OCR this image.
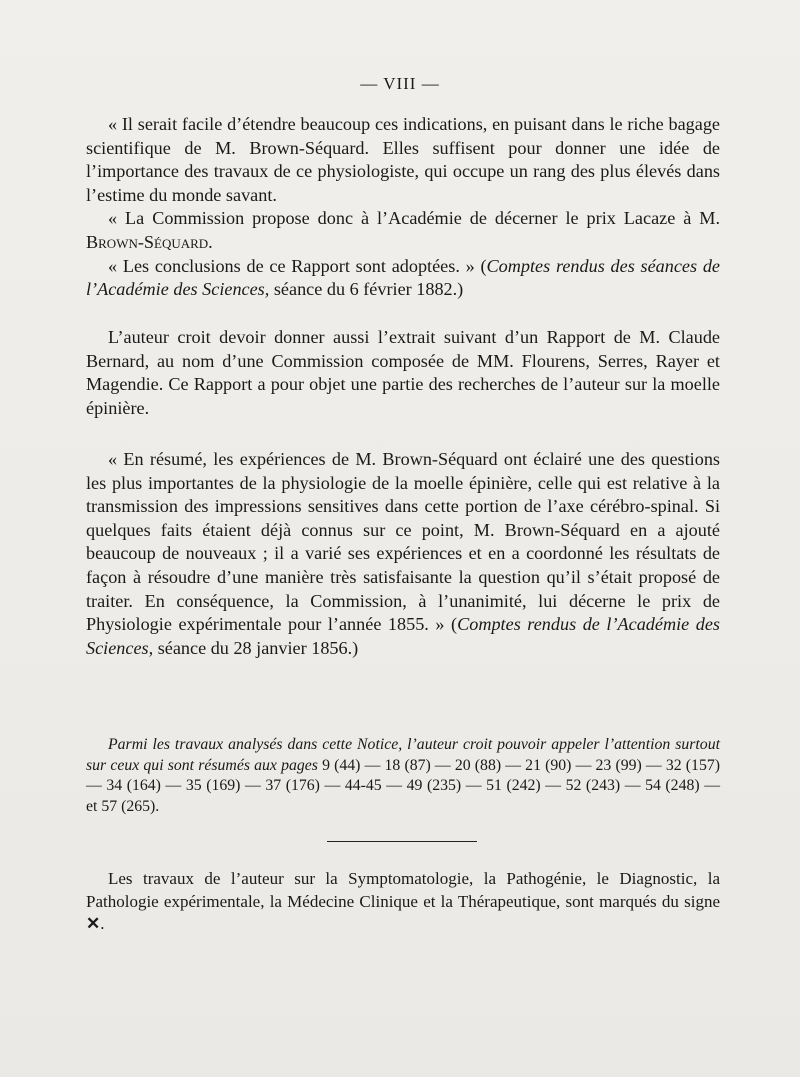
— VIII —

« Il serait facile d’étendre beaucoup ces indications, en puisant dans le riche bagage scientifique de M. Brown-Séquard. Elles suffisent pour donner une idée de l’importance des travaux de ce physiologiste, qui occupe un rang des plus élevés dans l’estime du monde savant.

« La Commission propose donc à l’Académie de décerner le prix Lacaze à M. Brown-Séquard.

« Les conclusions de ce Rapport sont adoptées. » (Comptes rendus des séances de l’Académie des Sciences, séance du 6 février 1882.)

L’auteur croit devoir donner aussi l’extrait suivant d’un Rapport de M. Claude Bernard, au nom d’une Commission composée de MM. Flourens, Serres, Rayer et Magendie. Ce Rapport a pour objet une partie des recherches de l’auteur sur la moelle épinière.

« En résumé, les expériences de M. Brown-Séquard ont éclairé une des questions les plus importantes de la physiologie de la moelle épinière, celle qui est relative à la transmission des impressions sensitives dans cette portion de l’axe cérébro-spinal. Si quelques faits étaient déjà connus sur ce point, M. Brown-Séquard en a ajouté beaucoup de nouveaux ; il a varié ses expériences et en a coordonné les résultats de façon à résoudre d’une manière très satisfaisante la question qu’il s’était proposé de traiter. En conséquence, la Commission, à l’unanimité, lui décerne le prix de Physiologie expérimentale pour l’année 1855. » (Comptes rendus de l’Académie des Sciences, séance du 28 janvier 1856.)

Parmi les travaux analysés dans cette Notice, l’auteur croit pouvoir appeler l’attention surtout sur ceux qui sont résumés aux pages 9 (44) — 18 (87) — 20 (88) — 21 (90) — 23 (99) — 32 (157) — 34 (164) — 35 (169) — 37 (176) — 44-45 — 49 (235) — 51 (242) — 52 (243) — 54 (248) — et 57 (265).

Les travaux de l’auteur sur la Symptomatologie, la Pathogénie, le Diagnostic, la Pathologie expérimentale, la Médecine Clinique et la Thérapeutique, sont marqués du signe ✕.
